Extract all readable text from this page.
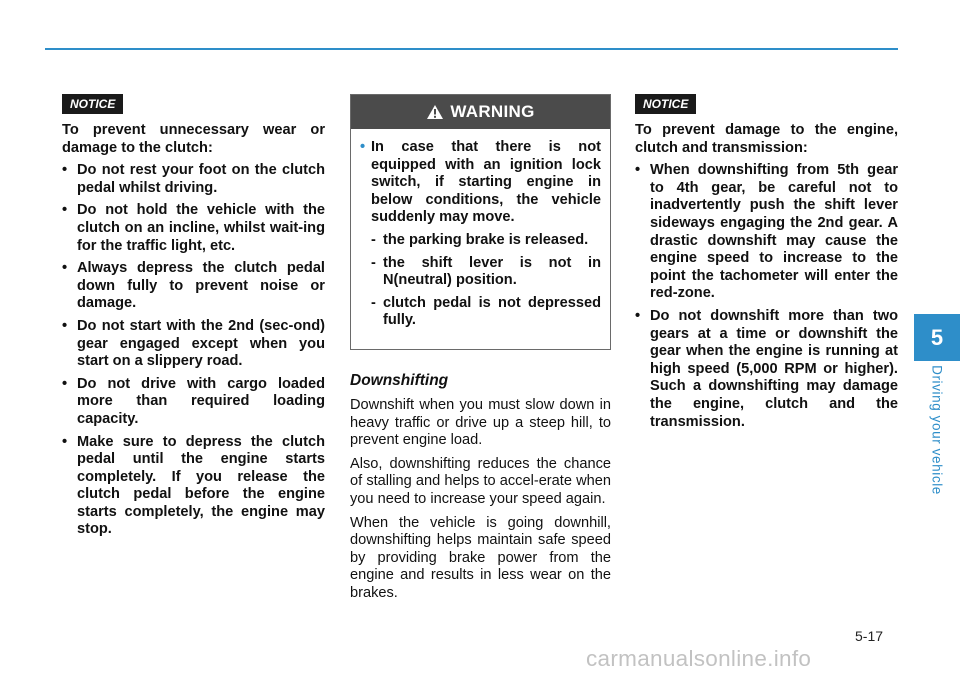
NOTICE

To prevent unnecessary wear or damage to the clutch:

• Do not rest your foot on the clutch pedal whilst driving.

• Do not hold the vehicle with the clutch on an incline, whilst wait-ing for the traffic light, etc.

• Always depress the clutch pedal down fully to prevent noise or damage.

• Do not start with the 2nd (sec-ond) gear engaged except when you start on a slippery road.

• Do not drive with cargo loaded more than required loading capacity.

• Make sure to depress the clutch pedal until the engine starts completely. If you release the clutch pedal before the engine starts completely, the engine may stop.

WARNING
• In case that there is not equipped with an ignition lock switch, if starting engine in below conditions, the vehicle suddenly may move.

- the parking brake is released.

- the shift lever is not in N(neutral) position.

- clutch pedal is not depressed fully.

Downshifting

Downshift when you must slow down in heavy traffic or drive up a steep hill, to prevent engine load.

Also, downshifting reduces the chance of stalling and helps to accel-erate when you need to increase your speed again.

When the vehicle is going downhill, downshifting helps maintain safe speed by providing brake power from the engine and results in less wear on the brakes.

NOTICE

To prevent damage to the engine, clutch and transmission:

• When downshifting from 5th gear to 4th gear, be careful not to inadvertently push the shift lever sideways engaging the 2nd gear. A drastic downshift may cause the engine speed to increase to the point the tachometer will enter the red-zone.

• Do not downshift more than two gears at a time or downshift the gear when the engine is running at high speed (5,000 RPM or higher). Such a downshifting may damage the engine, clutch and the transmission.

5
Driving your vehicle
5-17
carmanualsonline.info
